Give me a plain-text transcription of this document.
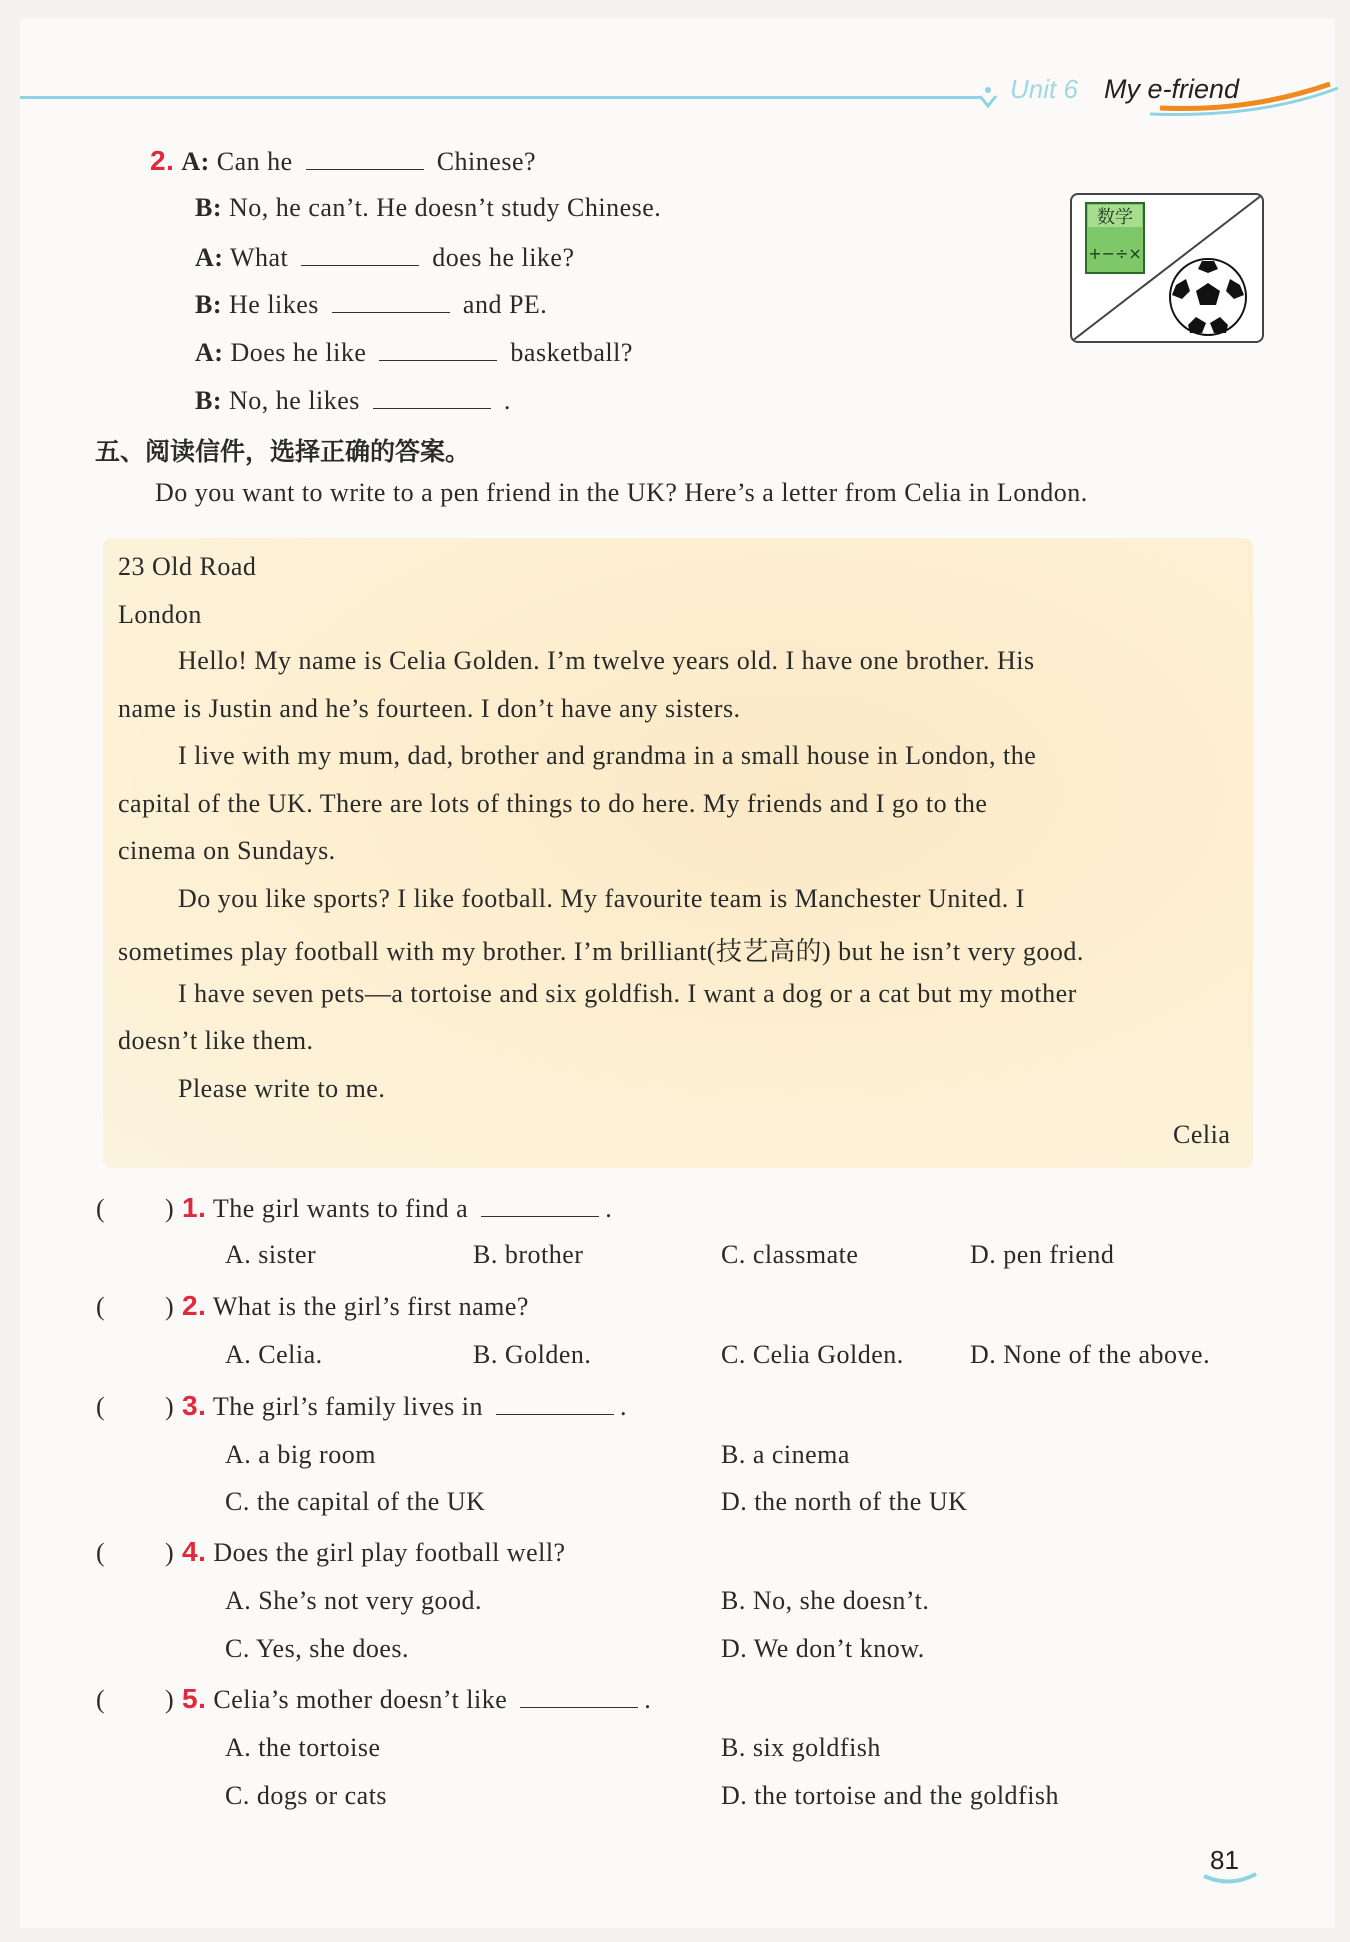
Unit 6 My e-friend
2. A: Can he	Chinese?
B: No, he can’t. He doesn’t study Chinese.
A: What	does he like?
B: He likes	and PE.
A: Does he like	basketball?
B: No, he likes	.
数学
+−÷×
五、阅读信件，选择正确的答案。
Do you want to write to a pen friend in the UK? Here’s a letter from Celia in London.
23 Old Road
London
Hello! My name is Celia Golden. I’m twelve years old. I have one brother. His
name is Justin and he’s fourteen. I don’t have any sisters.
I live with my mum, dad, brother and grandma in a small house in London, the
capital of the UK. There are lots of things to do here. My friends and I go to the
cinema on Sundays.
Do you like sports? I like football. My favourite team is Manchester United. I
sometimes play football with my brother. I’m brilliant(技艺高的) but he isn’t very good.
I have seven pets—a tortoise and six goldfish. I want a dog or a cat but my mother
doesn’t like them.
Please write to me.
Celia
( ) 1. The girl wants to find a	.
A. sister	B. brother	C. classmate	D. pen friend
( ) 2. What is the girl’s first name?
A. Celia.	B. Golden.	C. Celia Golden.	D. None of the above.
( ) 3. The girl’s family lives in	.
A. a big room	B. a cinema
C. the capital of the UK	D. the north of the UK
( ) 4. Does the girl play football well?
A. She’s not very good.	B. No, she doesn’t.
C. Yes, she does.	D. We don’t know.
( ) 5. Celia’s mother doesn’t like	.
A. the tortoise	B. six goldfish
C. dogs or cats	D. the tortoise and the goldfish
81
